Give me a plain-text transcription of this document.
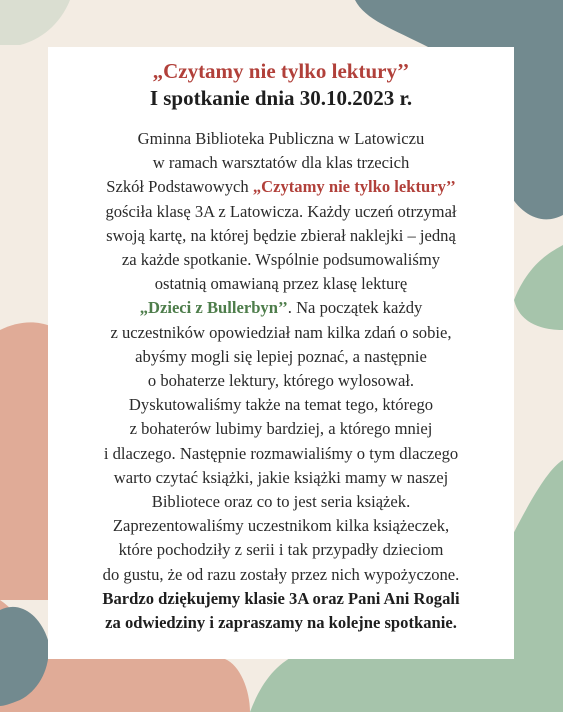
„Czytamy nie tylko lektury’’

I spotkanie dnia 30.10.2023 r.

Gminna Biblioteka Publiczna w Latowiczu
w ramach warsztatów dla klas trzecich
Szkół Podstawowych „Czytamy nie tylko lektury’’
gościła klasę 3A z Latowicza. Każdy uczeń otrzymał
swoją kartę, na której będzie zbierał naklejki – jedną
za każde spotkanie. Wspólnie podsumowaliśmy
ostatnią omawianą przez klasę lekturę
„Dzieci z Bullerbyn’’. Na początek każdy
z uczestników opowiedział nam kilka zdań o sobie,
abyśmy mogli się lepiej poznać, a następnie
o bohaterze lektury, którego wylosował.
Dyskutowaliśmy także na temat tego, którego
z bohaterów lubimy bardziej, a którego mniej
i dlaczego. Następnie rozmawialiśmy o tym dlaczego
warto czytać książki, jakie książki mamy w naszej
Bibliotece oraz co to jest seria książek.
Zaprezentowaliśmy uczestnikom kilka książeczek,
które pochodziły z serii i tak przypadły dzieciom
do gustu, że od razu zostały przez nich wypożyczone.
Bardzo dziękujemy klasie 3A oraz Pani Ani Rogali
za odwiedziny i zapraszamy na kolejne spotkanie.
